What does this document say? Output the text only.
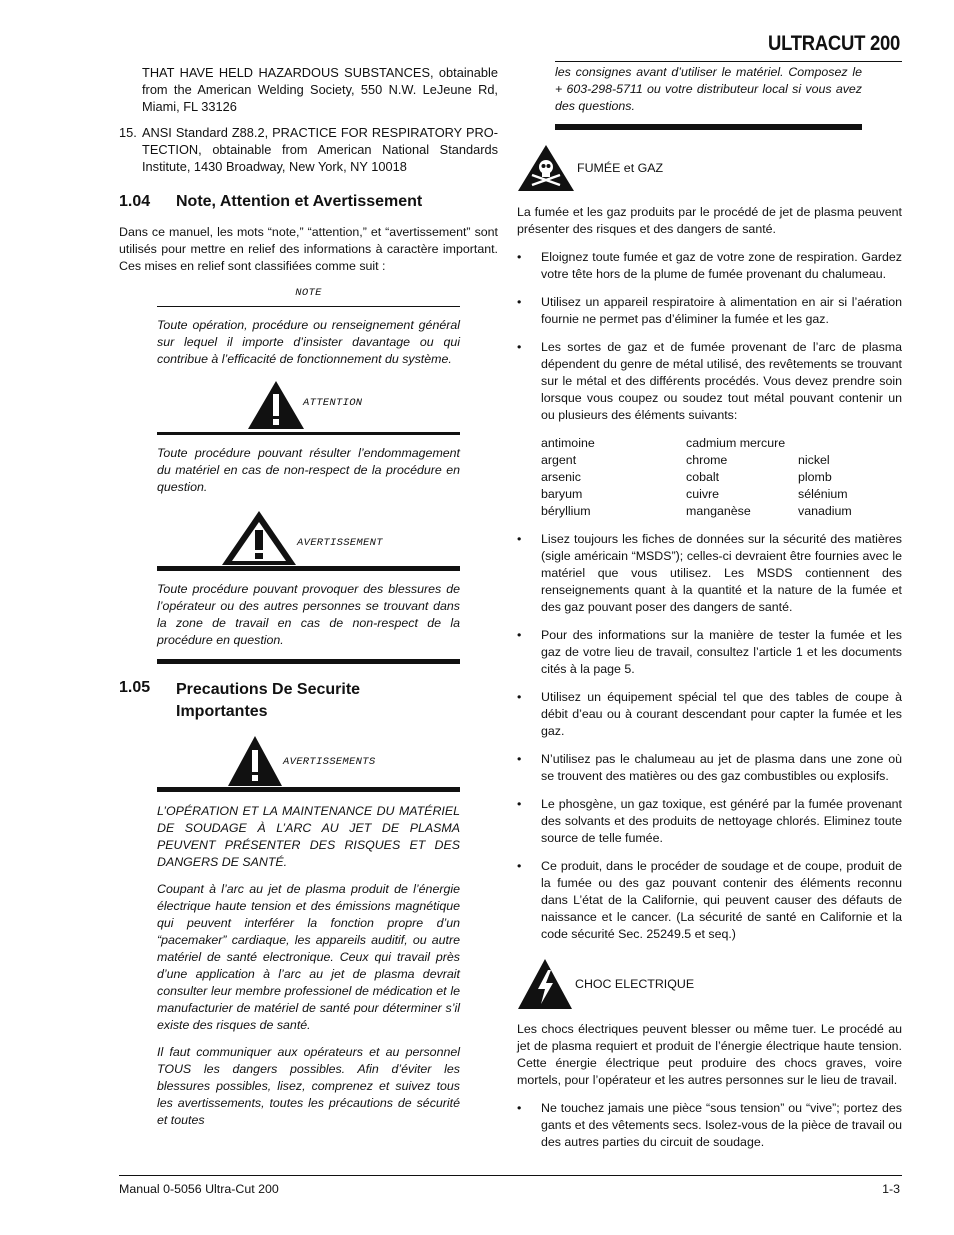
ULTRACUT 200

THAT HAVE HELD HAZARDOUS SUBSTANCES, obtainable from the American Welding Society, 550 N.W. LeJeune Rd, Miami, FL 33126

15. ANSI Standard Z88.2, PRACTICE FOR RESPIRATORY PRO-TECTION, obtainable from American National Standards Institute, 1430 Broadway, New York, NY 10018
1.04	Note, Attention et Avertissement

Dans ce manuel, les mots “note,” “attention,” et “avertissement” sont utilisés pour mettre en relief des informations à caractère important. Ces mises en relief sont classifiées comme suit :

NOTE

Toute opération, procédure ou renseignement général sur lequel il importe d’insister davantage ou qui contribue à l’efficacité de fonctionnement du système.

ATTENTION

Toute procédure pouvant résulter l’endommagement du matériel en cas de non-respect de la procédure en question.

AVERTISSEMENT

Toute procédure pouvant provoquer des blessures de l’opérateur ou des autres personnes se trouvant dans la zone de travail en cas de non-respect de la procédure en question.

1.05	Precautions De Securite
Importantes
AVERTISSEMENTS

L’OPÉRATION ET LA MAINTENANCE DU MATÉRIEL DE SOUDAGE À L’ARC AU JET DE PLASMA PEUVENT PRÉSENTER DES RISQUES ET DES DANGERS DE SANTÉ.

Coupant à l’arc au jet de plasma produit de l’énergie électrique haute tension et des émissions magnétique qui peuvent interférer la fonction propre d’un “pacemaker” cardiaque, les appareils auditif, ou autre matériel de santé electronique. Ceux qui travail près d’une application à l’arc au jet de plasma devrait consulter leur membre professionel de médication et le manufacturier de matériel de santé pour déterminer s’il existe des risques de santé.

Il faut communiquer aux opérateurs et au personnel TOUS les dangers possibles. Afin d’éviter les blessures possibles, lisez, comprenez et suivez tous les avertissements, toutes les précautions de sécurité et toutes

les consignes avant d’utiliser le matériel. Composez le + 603-298-5711 ou votre distributeur local si vous avez des questions.

FUMÉE et GAZ

La fumée et les gaz produits par le procédé de jet de plasma peuvent présenter des risques et des dangers de santé.

• Eloignez toute fumée et gaz de votre zone de respiration. Gardez votre tête hors de la plume de fumée provenant du chalumeau.
• Utilisez un appareil respiratoire à alimentation en air si l’aération fournie ne permet pas d’éliminer la fumée et les gaz.
• Les sortes de gaz et de fumée provenant de l’arc de plasma dépendent du genre de métal utilisé, des revêtements se trouvant sur le métal et des différents procédés. Vous devez prendre soin lorsque vous coupez ou soudez tout métal pouvant contenir un ou plusieurs des éléments suivants:
antimoine	cadmium mercure
argent	chrome	nickel
arsenic	cobalt	plomb
baryum	cuivre	sélénium
béryllium	manganèse	vanadium
• Lisez toujours les fiches de données sur la sécurité des matières (sigle américain “MSDS”); celles-ci devraient être fournies avec le matériel que vous utilisez. Les MSDS contiennent des renseignements quant à la quantité et la nature de la fumée et des gaz pouvant poser des dangers de santé.
• Pour des informations sur la manière de tester la fumée et les gaz de votre lieu de travail, consultez l’article 1 et les documents cités à la page 5.
• Utilisez un équipement spécial tel que des tables de coupe à débit d’eau ou à courant descendant pour capter la fumée et les gaz.
• N’utilisez pas le chalumeau au jet de plasma dans une zone où se trouvent des matières ou des gaz combustibles ou explosifs.
• Le phosgène, un gaz toxique, est généré par la fumée provenant des solvants et des produits de nettoyage chlorés. Eliminez toute source de telle fumée.
• Ce produit, dans le procéder de soudage et de coupe, produit de la fumée ou des gaz pouvant contenir des éléments reconnu dans L’état de la Californie, qui peuvent causer des défauts de naissance et le cancer. (La sécurité de santé en Californie et la code sécurité Sec. 25249.5 et seq.)
CHOC ELECTRIQUE

Les chocs électriques peuvent blesser ou même tuer. Le procédé au jet de plasma requiert et produit de l’énergie électrique haute tension. Cette énergie électrique peut produire des chocs graves, voire mortels, pour l’opérateur et les autres personnes sur le lieu de travail.

• Ne touchez jamais une pièce “sous tension” ou “vive”; portez des gants et des vêtements secs. Isolez-vous de la pièce de travail ou des autres parties du circuit de soudage.
Manual 0-5056 Ultra-Cut 200	1-3
